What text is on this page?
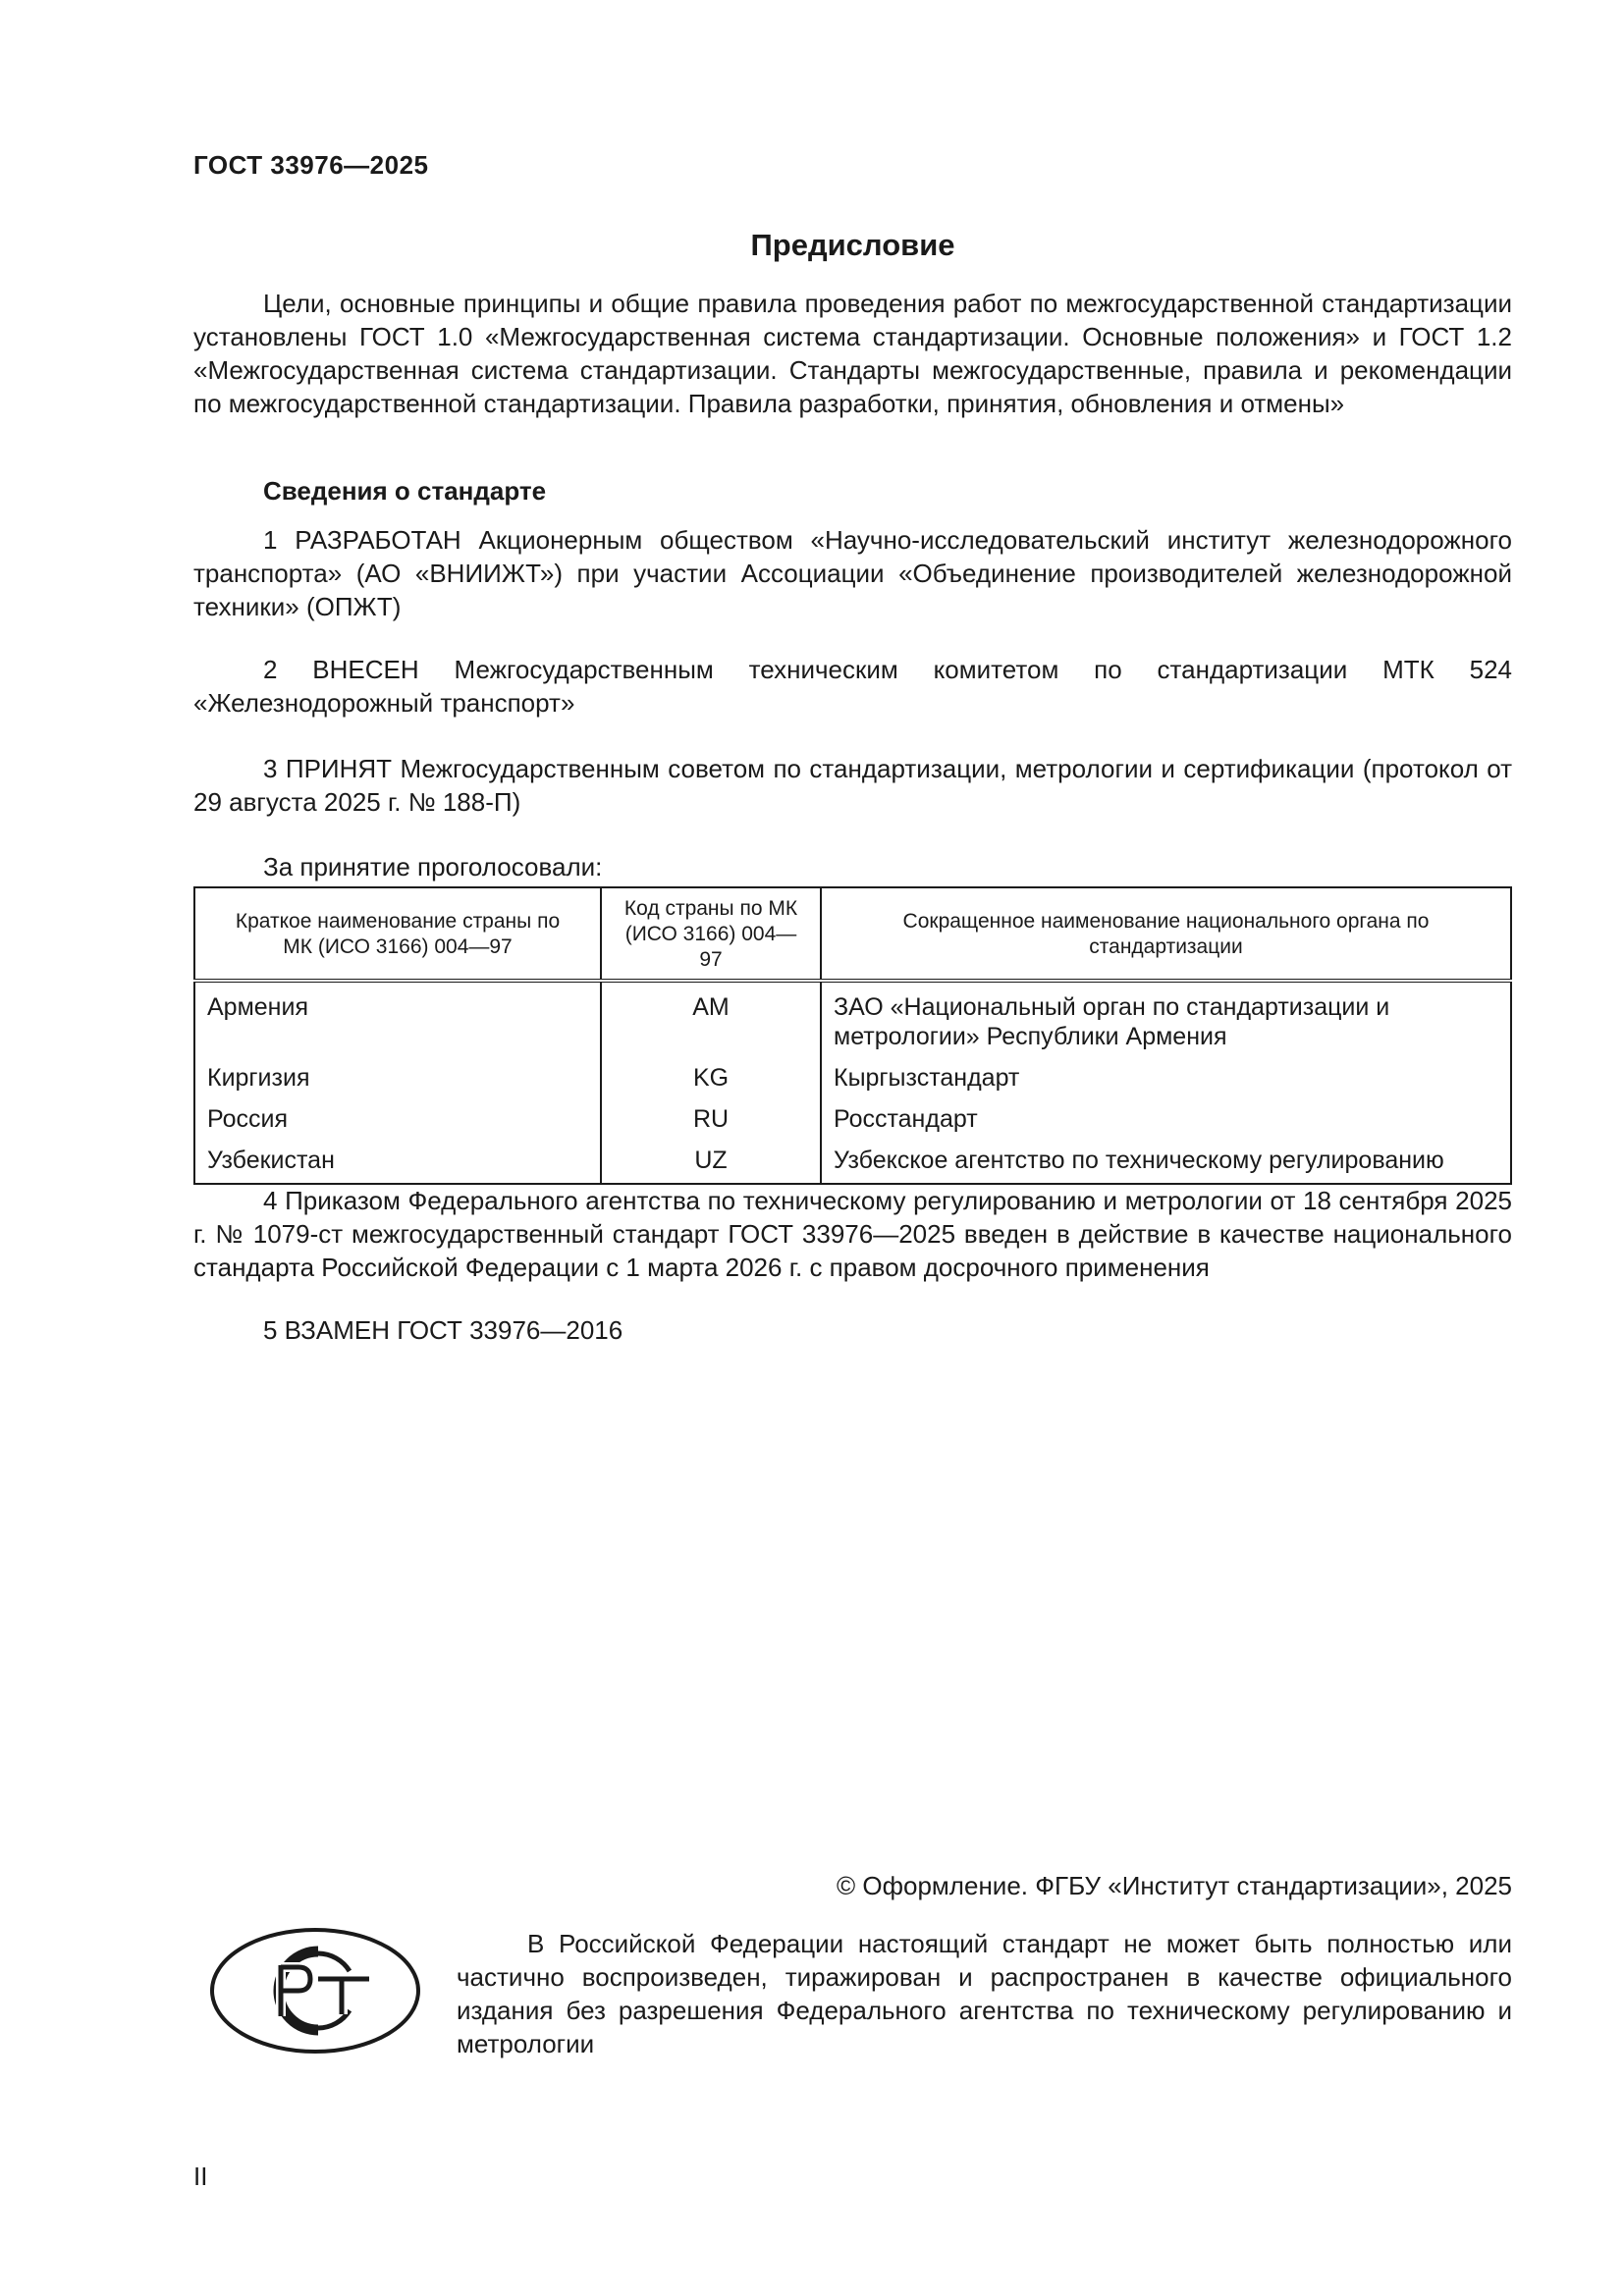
ГОСТ 33976—2025
Предисловие

Цели, основные принципы и общие правила проведения работ по межгосударственной стандартизации установлены ГОСТ 1.0 «Межгосударственная система стандартизации. Основные положения» и ГОСТ 1.2 «Межгосударственная система стандартизации. Стандарты межгосударственные, правила и рекомендации по межгосударственной стандартизации. Правила разработки, принятия, обновления и отмены»

Сведения о стандарте

1 РАЗРАБОТАН Акционерным обществом «Научно-исследовательский институт железнодорожного транспорта» (АО «ВНИИЖТ») при участии Ассоциации «Объединение производителей железнодорожной техники» (ОПЖТ)

2 ВНЕСЕН Межгосударственным техническим комитетом по стандартизации МТК 524 «Железнодорожный транспорт»

3 ПРИНЯТ Межгосударственным советом по стандартизации, метрологии и сертификации (протокол от 29 августа 2025 г. № 188-П)

За принятие проголосовали:
Краткое наименование страны по МК (ИСО 3166) 004—97	Код страны по МК (ИСО 3166) 004—97	Сокращенное наименование национального органа по стандартизации
Армения	AM	ЗАО «Национальный орган по стандартизации и метрологии» Республики Армения
Киргизия	KG	Кыргызстандарт
Россия	RU	Росстандарт
Узбекистан	UZ	Узбекское агентство по техническому регулированию

4 Приказом Федерального агентства по техническому регулированию и метрологии от 18 сентября 2025 г. № 1079-ст межгосударственный стандарт ГОСТ 33976—2025 введен в действие в качестве национального стандарта Российской Федерации с 1 марта 2026 г. с правом досрочного применения

5 ВЗАМЕН ГОСТ 33976—2016

© Оформление. ФГБУ «Институт стандартизации», 2025

В Российской Федерации настоящий стандарт не может быть полностью или частично воспроизведен, тиражирован и распространен в качестве официального издания без разрешения Федерального агентства по техническому регулированию и метрологии

II
